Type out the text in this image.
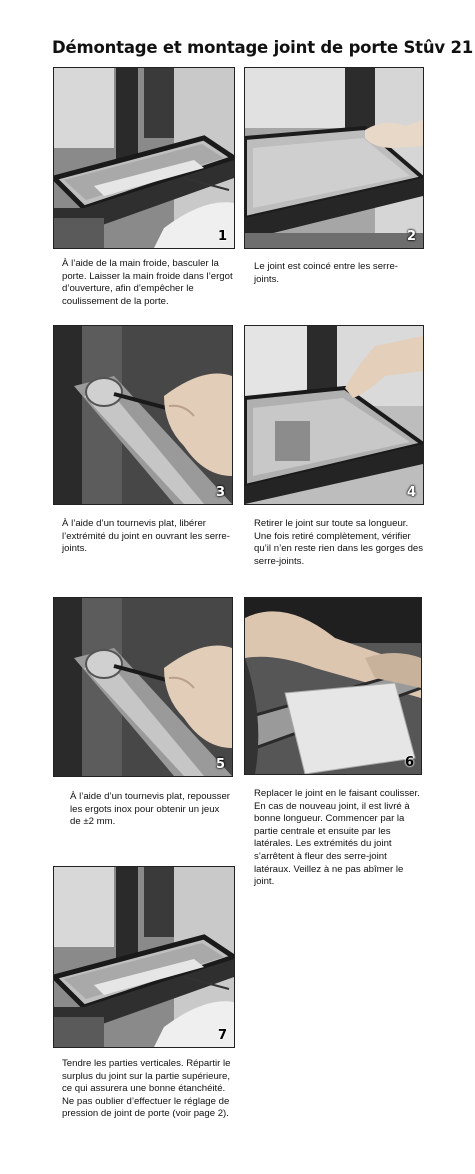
Démontage et montage joint de porte Stûv 21
1

À l’aide de la main froide, basculer la porte. Laisser la main froide dans l’ergot d’ouverture, afin d’empêcher le coulissement de la porte.

2

Le joint est coincé entre les serre-joints.

3

À l’aide d’un tournevis plat, libérer l’extrémité du joint en ouvrant les serre-joints.

4

Retirer le joint sur toute sa longueur. Une fois retiré complètement, vérifier qu’il n’en reste rien dans les gorges des serre-joints.

5

À l’aide d’un tournevis plat, repousser les ergots inox pour obtenir un jeux de ±2 mm.

6

Replacer le joint en le faisant coulisser. En cas de nouveau joint, il est livré à bonne longueur. Commencer par la partie centrale et ensuite par les latérales. Les extrémités du joint s’arrêtent à fleur des serre-joint latéraux. Veillez à ne pas abîmer le joint.

7

Tendre les parties verticales. Répartir le surplus du joint sur la partie supérieure, ce qui assurera une bonne étanchéité. Ne pas oublier d’effectuer le réglage de pression de joint de porte (voir page 2).
